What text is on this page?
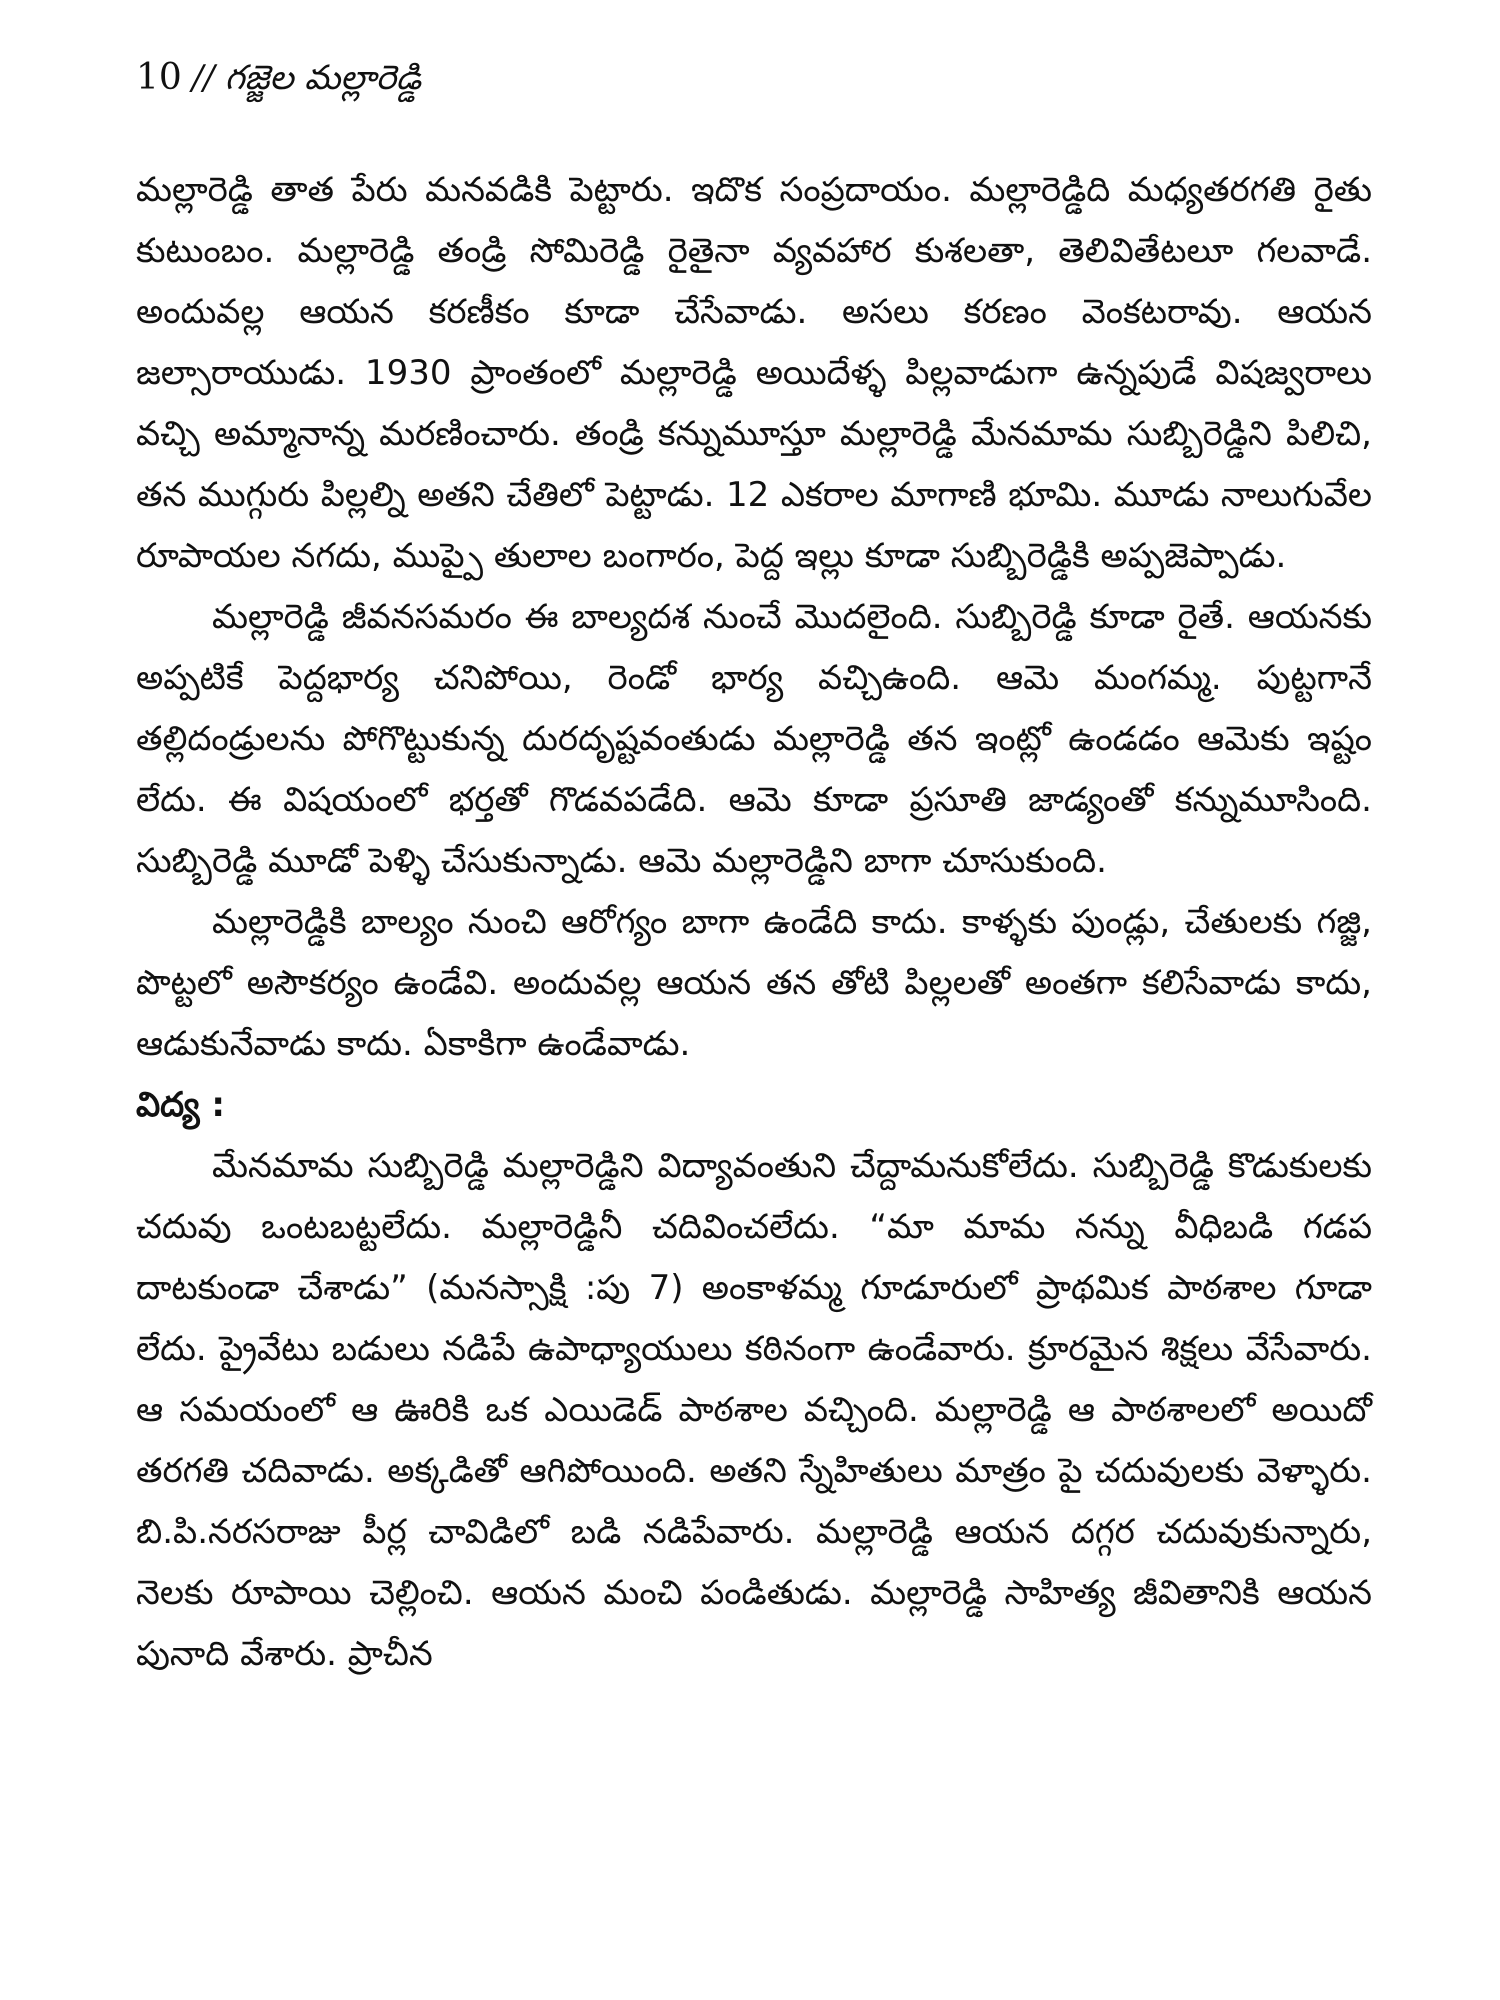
10 // గజ్జెల మల్లారెడ్డి

మల్లారెడ్డి తాత పేరు మనవడికి పెట్టారు. ఇదొక సంప్రదాయం. మల్లారెడ్డిది మధ్యతరగతి రైతు కుటుంబం. మల్లారెడ్డి తండ్రి సోమిరెడ్డి రైతైనా వ్యవహార కుశలతా, తెలివితేటలూ గలవాడే. అందువల్ల ఆయన కరణీకం కూడా చేసేవాడు. అసలు కరణం వెంకటరావు. ఆయన జల్సారాయుడు. 1930 ప్రాంతంలో మల్లారెడ్డి అయిదేళ్ళ పిల్లవాడుగా ఉన్నపుడే విషజ్వరాలు వచ్చి అమ్మానాన్న మరణించారు. తండ్రి కన్నుమూస్తూ మల్లారెడ్డి మేనమామ సుబ్బిరెడ్డిని పిలిచి, తన ముగ్గురు పిల్లల్ని అతని చేతిలో పెట్టాడు. 12 ఎకరాల మాగాణి భూమి. మూడు నాలుగువేల రూపాయల నగదు, ముప్పై తులాల బంగారం, పెద్ద ఇల్లు కూడా సుబ్బిరెడ్డికి అప్పజెప్పాడు.

మల్లారెడ్డి జీవనసమరం ఈ బాల్యదశ నుంచే మొదలైంది. సుబ్బిరెడ్డి కూడా రైతే. ఆయనకు అప్పటికే పెద్దభార్య చనిపోయి, రెండో భార్య వచ్చిఉంది. ఆమె మంగమ్మ. పుట్టగానే తల్లిదండ్రులను పోగొట్టుకున్న దురదృష్టవంతుడు మల్లారెడ్డి తన ఇంట్లో ఉండడం ఆమెకు ఇష్టం లేదు. ఈ విషయంలో భర్తతో గొడవపడేది. ఆమె కూడా ప్రసూతి జాడ్యంతో కన్నుమూసింది. సుబ్బిరెడ్డి మూడో పెళ్ళి చేసుకున్నాడు. ఆమె మల్లారెడ్డిని బాగా చూసుకుంది.

మల్లారెడ్డికి బాల్యం నుంచి ఆరోగ్యం బాగా ఉండేది కాదు. కాళ్ళకు పుండ్లు, చేతులకు గజ్జి, పొట్టలో అసౌకర్యం ఉండేవి. అందువల్ల ఆయన తన తోటి పిల్లలతో అంతగా కలిసేవాడు కాదు, ఆడుకునేవాడు కాదు. ఏకాకిగా ఉండేవాడు.

విద్య :

మేనమామ సుబ్బిరెడ్డి మల్లారెడ్డిని విద్యావంతుని చేద్దామనుకోలేదు. సుబ్బిరెడ్డి కొడుకులకు చదువు ఒంటబట్టలేదు. మల్లారెడ్డినీ చదివించలేదు. “మా మామ నన్ను వీధిబడి గడప దాటకుండా చేశాడు” (మనస్సాక్షి :పు 7) అంకాళమ్మ గూడూరులో ప్రాథమిక పాఠశాల గూడా లేదు. ప్రైవేటు బడులు నడిపే ఉపాధ్యాయులు కఠినంగా ఉండేవారు. క్రూరమైన శిక్షలు వేసేవారు. ఆ సమయంలో ఆ ఊరికి ఒక ఎయిడెడ్ పాఠశాల వచ్చింది. మల్లారెడ్డి ఆ పాఠశాలలో అయిదో తరగతి చదివాడు. అక్కడితో ఆగిపోయింది. అతని స్నేహితులు మాత్రం పై చదువులకు వెళ్ళారు. బి.పి.నరసరాజు పీర్ల చావిడిలో బడి నడిపేవారు. మల్లారెడ్డి ఆయన దగ్గర చదువుకున్నారు, నెలకు రూపాయి చెల్లించి. ఆయన మంచి పండితుడు. మల్లారెడ్డి సాహిత్య జీవితానికి ఆయన పునాది వేశారు. ప్రాచీన
